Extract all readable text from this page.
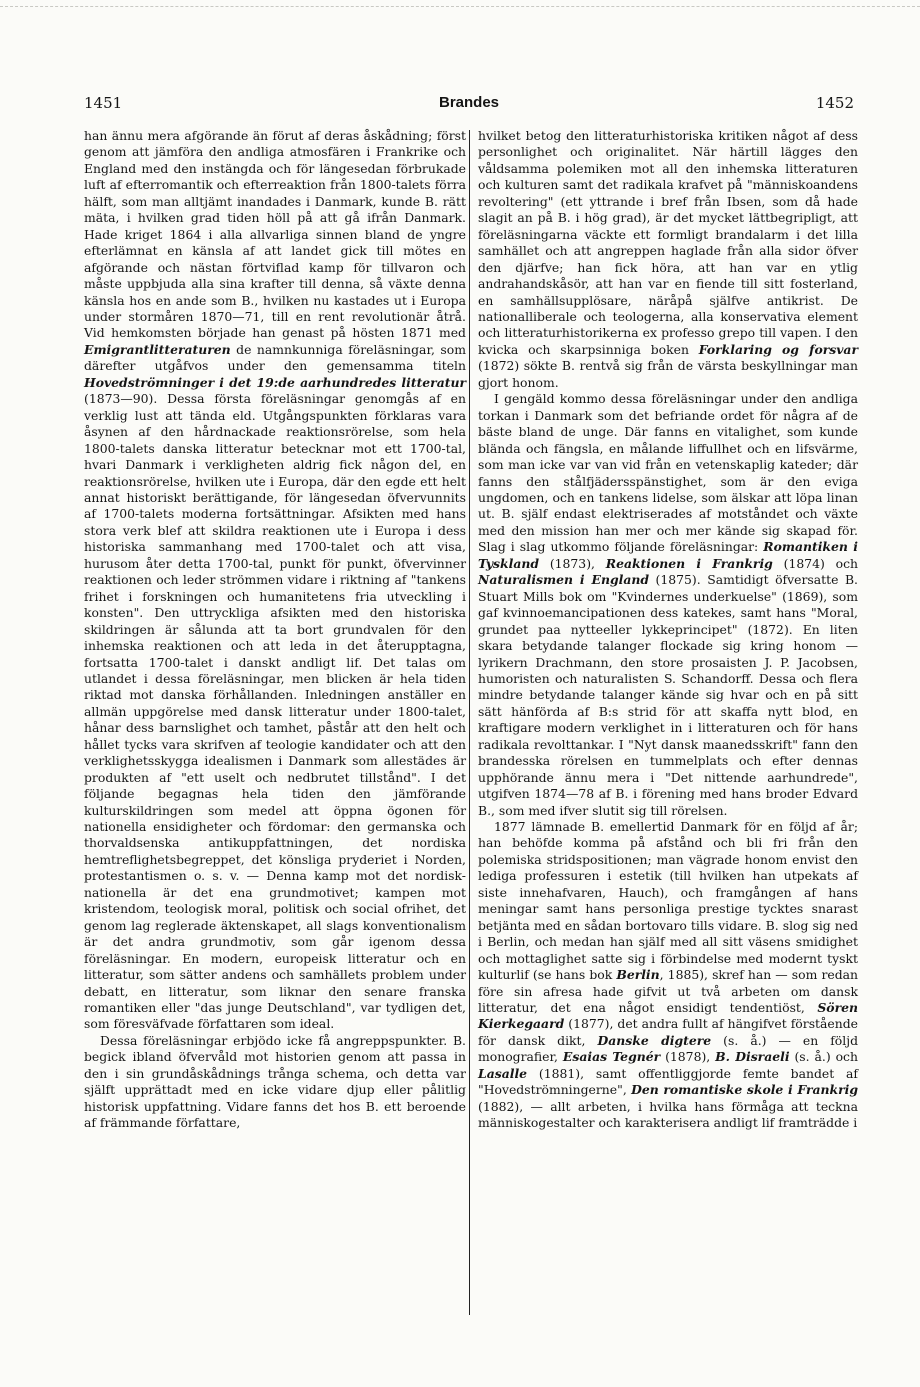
1451	Brandes	1452

han ännu mera afgörande än förut af deras åskådning; först genom att jämföra den andliga atmosfären i Frankrike och England med den instängda och för längesedan förbrukade luft af efterromantik och efterreaktion från 1800-talets förra hälft, som man alltjämt inandades i Danmark, kunde B. rätt mäta, i hvilken grad tiden höll på att gå ifrån Danmark. Hade kriget 1864 i alla allvarliga sinnen bland de yngre efterlämnat en känsla af att landet gick till mötes en afgörande och nästan förtviflad kamp för tillvaron och måste uppbjuda alla sina krafter till denna, så växte denna känsla hos en ande som B., hvilken nu kastades ut i Europa under stormåren 1870—71, till en rent revolutionär åtrå. Vid hemkomsten började han genast på hösten 1871 med Emigrantlitteraturen de namnkunniga föreläsningar, som därefter utgåfvos under den gemensamma titeln Hovedströmninger i det 19:de aarhundredes litteratur (1873—90). Dessa första föreläsningar genomgås af en verklig lust att tända eld. Utgångspunkten förklaras vara åsynen af den hårdnackade reaktionsrörelse, som hela 1800-talets danska litteratur betecknar mot ett 1700-tal, hvari Danmark i verkligheten aldrig fick någon del, en reaktionsrörelse, hvilken ute i Europa, där den egde ett helt annat historiskt berättigande, för längesedan öfvervunnits af 1700-talets moderna fortsättningar. Afsikten med hans stora verk blef att skildra reaktionen ute i Europa i dess historiska sammanhang med 1700-talet och att visa, hurusom åter detta 1700-tal, punkt för punkt, öfvervinner reaktionen och leder strömmen vidare i riktning af "tankens frihet i forskningen och humanitetens fria utveckling i konsten". Den uttryckliga afsikten med den historiska skildringen är sålunda att ta bort grundvalen för den inhemska reaktionen och att leda in det återupptagna, fortsatta 1700-talet i danskt andligt lif. Det talas om utlandet i dessa föreläsningar, men blicken är hela tiden riktad mot danska förhållanden. Inledningen anställer en allmän uppgörelse med dansk litteratur under 1800-talet, hånar dess barnslighet och tamhet, påstår att den helt och hållet tycks vara skrifven af teologie kandidater och att den verklighetsskygga idealismen i Danmark som allestädes är produkten af "ett uselt och nedbrutet tillstånd". I det följande begagnas hela tiden den jämförande kulturskildringen som medel att öppna ögonen för nationella ensidigheter och fördomar: den germanska och thorvaldsenska antikuppfattningen, det nordiska hemtreflighetsbegreppet, det könsliga pryderiet i Norden, protestantismen o. s. v. — Denna kamp mot det nordisk-nationella är det ena grundmotivet; kampen mot kristendom, teologisk moral, politisk och social ofrihet, det genom lag reglerade äktenskapet, all slags konventionalism är det andra grundmotiv, som går igenom dessa föreläsningar. En modern, europeisk litteratur och en litteratur, som sätter andens och samhällets problem under debatt, en litteratur, som liknar den senare franska romantiken eller "das junge Deutschland", var tydligen det, som föresväfvade författaren som ideal.

Dessa föreläsningar erbjödo icke få angreppspunkter. B. begick ibland öfvervåld mot historien genom att passa in den i sin grundåskådnings trånga schema, och detta var själft upprättadt med en icke vidare djup eller pålitlig historisk uppfattning. Vidare fanns det hos B. ett beroende af främmande författare,

hvilket betog den litteraturhistoriska kritiken något af dess personlighet och originalitet. När härtill lägges den våldsamma polemiken mot all den inhemska litteraturen och kulturen samt det radikala krafvet på "människoandens revoltering" (ett yttrande i bref från Ibsen, som då hade slagit an på B. i hög grad), är det mycket lättbegripligt, att föreläsningarna väckte ett formligt brandalarm i det lilla samhället och att angreppen haglade från alla sidor öfver den djärfve; han fick höra, att han var en ytlig andrahandskåsör, att han var en fiende till sitt fosterland, en samhällsupplösare, näråpå själfve antikrist. De nationalliberale och teologerna, alla konservativa element och litteraturhistorikerna ex professo grepo till vapen. I den kvicka och skarpsinniga boken Forklaring og forsvar (1872) sökte B. rentvå sig från de värsta beskyllningar man gjort honom.

I gengäld kommo dessa föreläsningar under den andliga torkan i Danmark som det befriande ordet för några af de bäste bland de unge. Där fanns en vitalighet, som kunde blända och fängsla, en målande liffullhet och en lifsvärme, som man icke var van vid från en vetenskaplig kateder; där fanns den stålfjädersspänstighet, som är den eviga ungdomen, och en tankens lidelse, som älskar att löpa linan ut. B. själf endast elektriserades af motståndet och växte med den mission han mer och mer kände sig skapad för. Slag i slag utkommo följande föreläsningar: Romantiken i Tyskland (1873), Reaktionen i Frankrig (1874) och Naturalismen i England (1875). Samtidigt öfversatte B. Stuart Mills bok om "Kvindernes underkuelse" (1869), som gaf kvinnoemancipationen dess katekes, samt hans "Moral, grundet paa nytteeller lykkeprincipet" (1872). En liten skara betydande talanger flockade sig kring honom — lyrikern Drachmann, den store prosaisten J. P. Jacobsen, humoristen och naturalisten S. Schandorff. Dessa och flera mindre betydande talanger kände sig hvar och en på sitt sätt hänförda af B:s strid för att skaffa nytt blod, en kraftigare modern verklighet in i litteraturen och för hans radikala revolttankar. I "Nyt dansk maanedsskrift" fann den brandesska rörelsen en tummelplats och efter dennas upphörande ännu mera i "Det nittende aarhundrede", utgifven 1874—78 af B. i förening med hans broder Edvard B., som med ifver slutit sig till rörelsen.

1877 lämnade B. emellertid Danmark för en följd af år; han behöfde komma på afstånd och bli fri från den polemiska stridspositionen; man vägrade honom envist den lediga professuren i estetik (till hvilken han utpekats af siste innehafvaren, Hauch), och framgången af hans meningar samt hans personliga prestige tycktes snarast betjänta med en sådan bortovaro tills vidare. B. slog sig ned i Berlin, och medan han själf med all sitt väsens smidighet och mottaglighet satte sig i förbindelse med modernt tyskt kulturlif (se hans bok Berlin, 1885), skref han — som redan före sin afresa hade gifvit ut två arbeten om dansk litteratur, det ena något ensidigt tendentiöst, Sören Kierkegaard (1877), det andra fullt af hängifvet förstående för dansk dikt, Danske digtere (s. å.) — en följd monografier, Esaias Tegnér (1878), B. Disraeli (s. å.) och Lasalle (1881), samt offentliggjorde femte bandet af "Hovedströmningerne", Den romantiske skole i Frankrig (1882), — allt arbeten, i hvilka hans förmåga att teckna människogestalter och karakterisera andligt lif framträdde i
